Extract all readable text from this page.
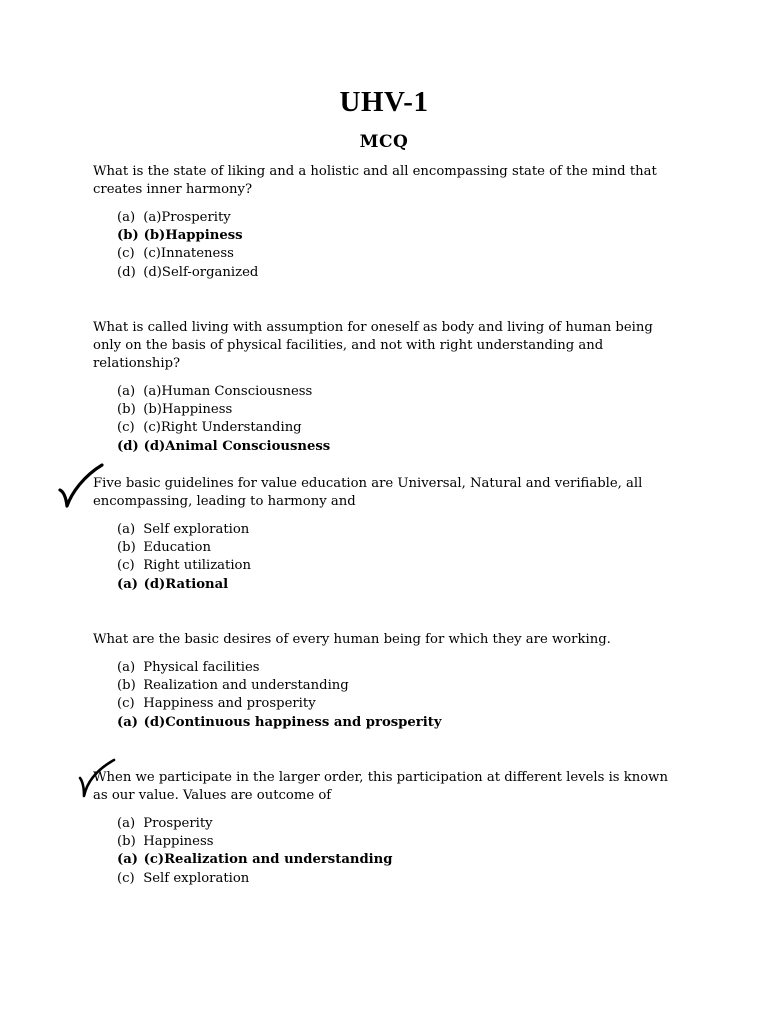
UHV-1
MCQ

What is the state of liking and a holistic and all encompassing state of the mind that creates inner harmony?

(a) (a)Prosperity
(b) (b)Happiness
(c) (c)Innateness
(d) (d)Self-organized

What is called living with assumption for oneself as body and living of human being only on the basis of physical facilities, and not with right understanding and relationship?

(a) (a)Human Consciousness
(b) (b)Happiness
(c) (c)Right Understanding
(d) (d)Animal Consciousness

Five basic guidelines for value education are Universal, Natural and verifiable, all encompassing, leading to harmony and

(a) Self exploration
(b) Education
(c) Right utilization
(a) (d)Rational

What are the basic desires of every human being for which they are working.

(a) Physical facilities
(b) Realization and understanding
(c) Happiness and prosperity
(a) (d)Continuous happiness and prosperity

When we participate in the larger order, this participation at different levels is known as our value. Values are outcome of

(a) Prosperity
(b) Happiness
(a) (c)Realization and understanding
(c) Self exploration
